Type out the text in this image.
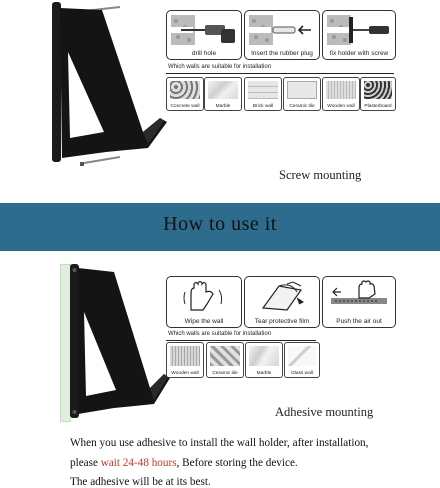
drill hole	Insert the rubber plug	fix holder with screw
Which walls are suitable for installation
Concrete wall	Marble	Brick wall	Ceramic tile	Wooden wall	Plasterboard
Screw mounting
How to use it
Wipe the wall	Tear protective film	Push the air out
Which walls are suitable for installation
Wooden wall	Ceramic tile	Marble	Glass wall
Adhesive mounting
When you use adhesive to install the wall holder, after installation,
please wait 24-48 hours, Before storing the device.
The adhesive will be at its best.
